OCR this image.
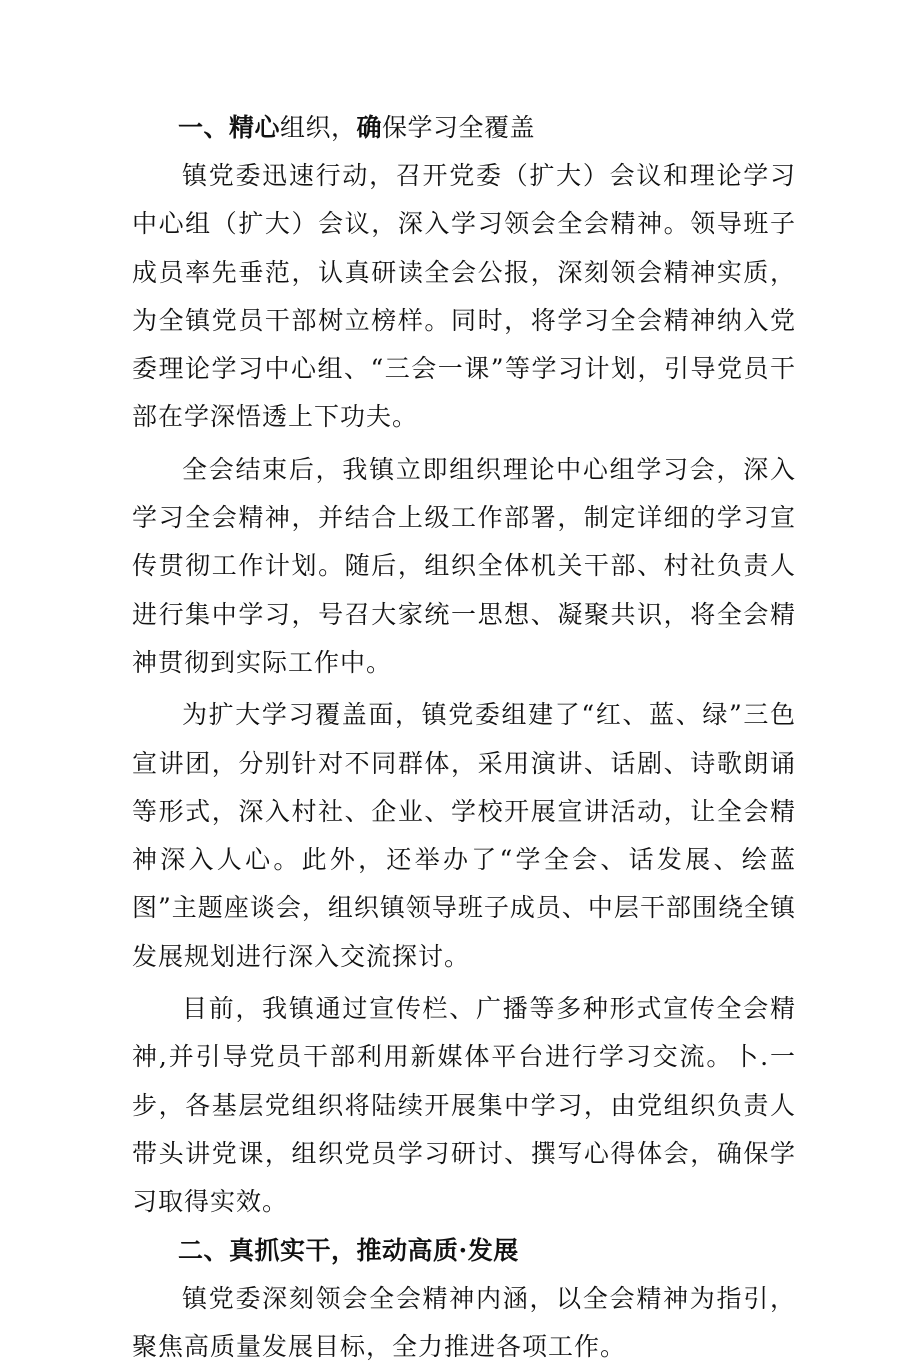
一、精心组织，确保学习全覆盖

镇党委迅速行动，召开党委（扩大）会议和理论学习中心组（扩大）会议，深入学习领会全会精神。领导班子成员率先垂范，认真研读全会公报，深刻领会精神实质，为全镇党员干部树立榜样。同时，将学习全会精神纳入党委理论学习中心组、“三会一课”等学习计划，引导党员干部在学深悟透上下功夫。

全会结束后，我镇立即组织理论中心组学习会，深入学习全会精神，并结合上级工作部署，制定详细的学习宣传贯彻工作计划。随后，组织全体机关干部、村社负责人进行集中学习，号召大家统一思想、凝聚共识，将全会精神贯彻到实际工作中。

为扩大学习覆盖面，镇党委组建了“红、蓝、绿”三色宣讲团，分别针对不同群体，采用演讲、话剧、诗歌朗诵等形式，深入村社、企业、学校开展宣讲活动，让全会精神深入人心。此外，还举办了“学全会、话发展、绘蓝图”主题座谈会，组织镇领导班子成员、中层干部围绕全镇发展规划进行深入交流探讨。

目前，我镇通过宣传栏、广播等多种形式宣传全会精神,并引导党员干部利用新媒体平台进行学习交流。卜.一步，各基层党组织将陆续开展集中学习，由党组织负责人带头讲党课，组织党员学习研讨、撰写心得体会，确保学习取得实效。

二、真抓实干，推动高质·发展

镇党委深刻领会全会精神内涵，以全会精神为指引，聚焦高质量发展目标，全力推进各项工作。
